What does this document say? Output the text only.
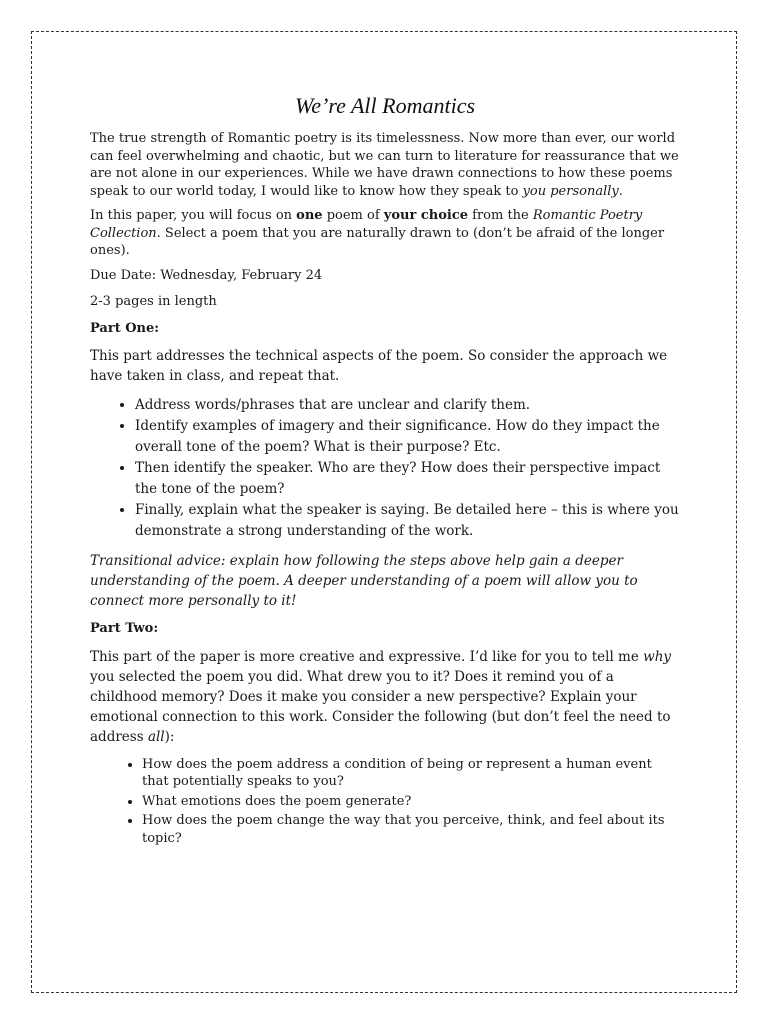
We’re All Romantics

The true strength of Romantic poetry is its timelessness. Now more than ever, our world can feel overwhelming and chaotic, but we can turn to literature for reassurance that we are not alone in our experiences. While we have drawn connections to how these poems speak to our world today, I would like to know how they speak to you personally.

In this paper, you will focus on one poem of your choice from the Romantic Poetry Collection. Select a poem that you are naturally drawn to (don’t be afraid of the longer ones).

Due Date: Wednesday, February 24

2-3 pages in length

Part One:

This part addresses the technical aspects of the poem. So consider the approach we have taken in class, and repeat that.

• Address words/phrases that are unclear and clarify them.
• Identify examples of imagery and their significance. How do they impact the overall tone of the poem? What is their purpose? Etc.
• Then identify the speaker. Who are they? How does their perspective impact the tone of the poem?
• Finally, explain what the speaker is saying. Be detailed here – this is where you demonstrate a strong understanding of the work.

Transitional advice: explain how following the steps above help gain a deeper understanding of the poem. A deeper understanding of a poem will allow you to connect more personally to it!

Part Two:

This part of the paper is more creative and expressive. I’d like for you to tell me why you selected the poem you did. What drew you to it? Does it remind you of a childhood memory? Does it make you consider a new perspective? Explain your emotional connection to this work. Consider the following (but don’t feel the need to address all):

• How does the poem address a condition of being or represent a human event that potentially speaks to you?
• What emotions does the poem generate?
• How does the poem change the way that you perceive, think, and feel about its topic?
